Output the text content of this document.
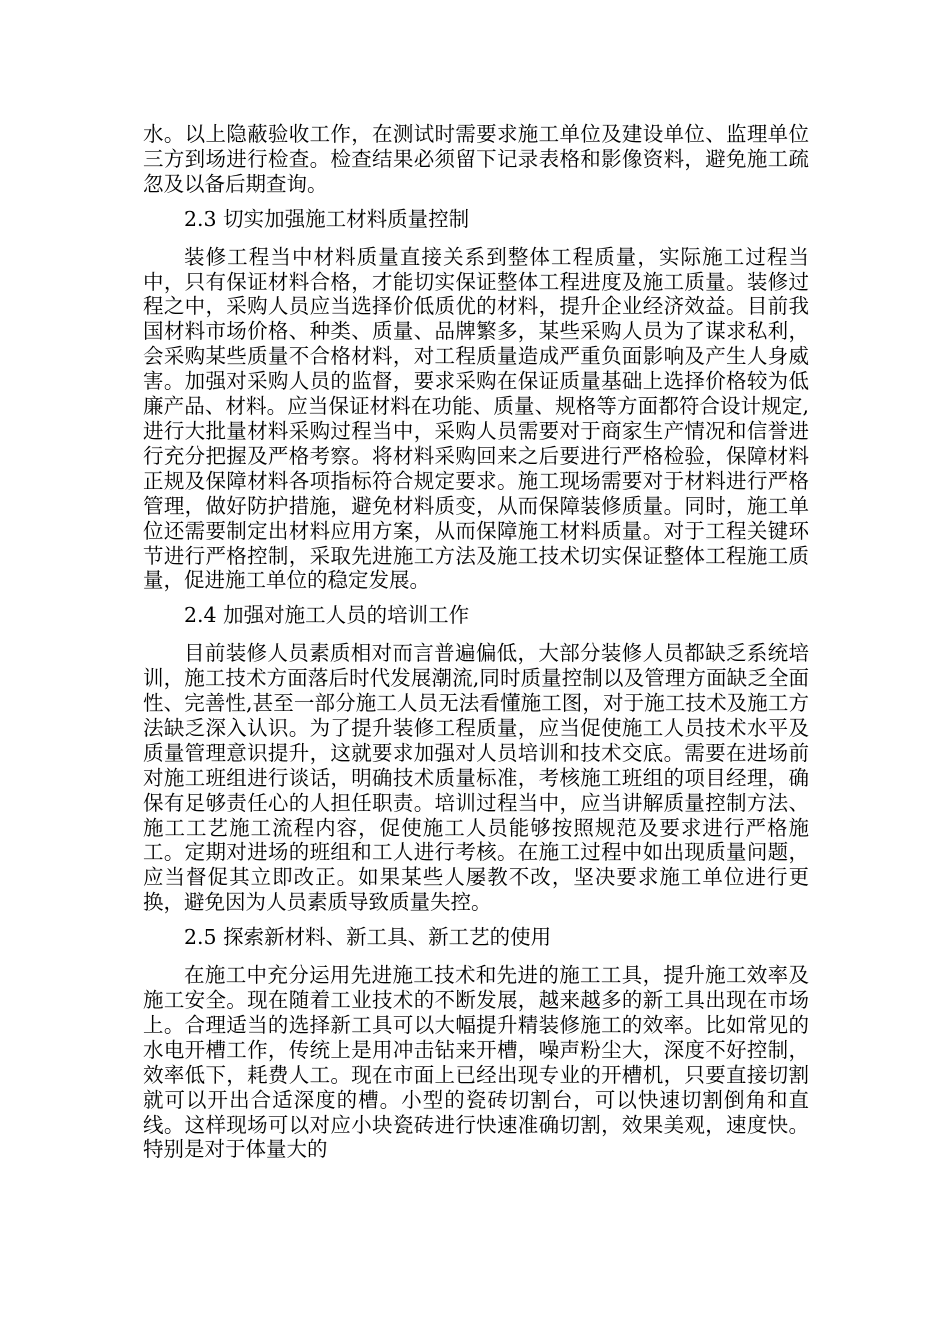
水。以上隐蔽验收工作，在测试时需要求施工单位及建设单位、监理单位三方到场进行检查。检查结果必须留下记录表格和影像资料，避免施工疏忽及以备后期查询。

2.3 切实加强施工材料质量控制

装修工程当中材料质量直接关系到整体工程质量，实际施工过程当中，只有保证材料合格，才能切实保证整体工程进度及施工质量。装修过程之中，采购人员应当选择价低质优的材料，提升企业经济效益。目前我国材料市场价格、种类、质量、品牌繁多，某些采购人员为了谋求私利，会采购某些质量不合格材料，对工程质量造成严重负面影响及产生人身威害。加强对采购人员的监督，要求采购在保证质量基础上选择价格较为低廉产品、材料。应当保证材料在功能、质量、规格等方面都符合设计规定,进行大批量材料采购过程当中，采购人员需要对于商家生产情况和信誉进行充分把握及严格考察。将材料采购回来之后要进行严格检验，保障材料正规及保障材料各项指标符合规定要求。施工现场需要对于材料进行严格管理，做好防护措施，避免材料质变，从而保障装修质量。同时，施工单位还需要制定出材料应用方案，从而保障施工材料质量。对于工程关键环节进行严格控制，采取先进施工方法及施工技术切实保证整体工程施工质量，促进施工单位的稳定发展。

2.4 加强对施工人员的培训工作

目前装修人员素质相对而言普遍偏低，大部分装修人员都缺乏系统培训，施工技术方面落后时代发展潮流,同时质量控制以及管理方面缺乏全面性、完善性,甚至一部分施工人员无法看懂施工图，对于施工技术及施工方法缺乏深入认识。为了提升装修工程质量，应当促使施工人员技术水平及质量管理意识提升，这就要求加强对人员培训和技术交底。需要在进场前对施工班组进行谈话，明确技术质量标准，考核施工班组的项目经理，确保有足够责任心的人担任职责。培训过程当中，应当讲解质量控制方法、施工工艺施工流程内容，促使施工人员能够按照规范及要求进行严格施工。定期对进场的班组和工人进行考核。在施工过程中如出现质量问题，应当督促其立即改正。如果某些人屡教不改，坚决要求施工单位进行更换，避免因为人员素质导致质量失控。

2.5 探索新材料、新工具、新工艺的使用

在施工中充分运用先进施工技术和先进的施工工具，提升施工效率及施工安全。现在随着工业技术的不断发展，越来越多的新工具出现在市场上。合理适当的选择新工具可以大幅提升精装修施工的效率。比如常见的水电开槽工作，传统上是用冲击钻来开槽，噪声粉尘大，深度不好控制，效率低下，耗费人工。现在市面上已经出现专业的开槽机，只要直接切割就可以开出合适深度的槽。小型的瓷砖切割台，可以快速切割倒角和直线。这样现场可以对应小块瓷砖进行快速准确切割，效果美观，速度快。特别是对于体量大的
